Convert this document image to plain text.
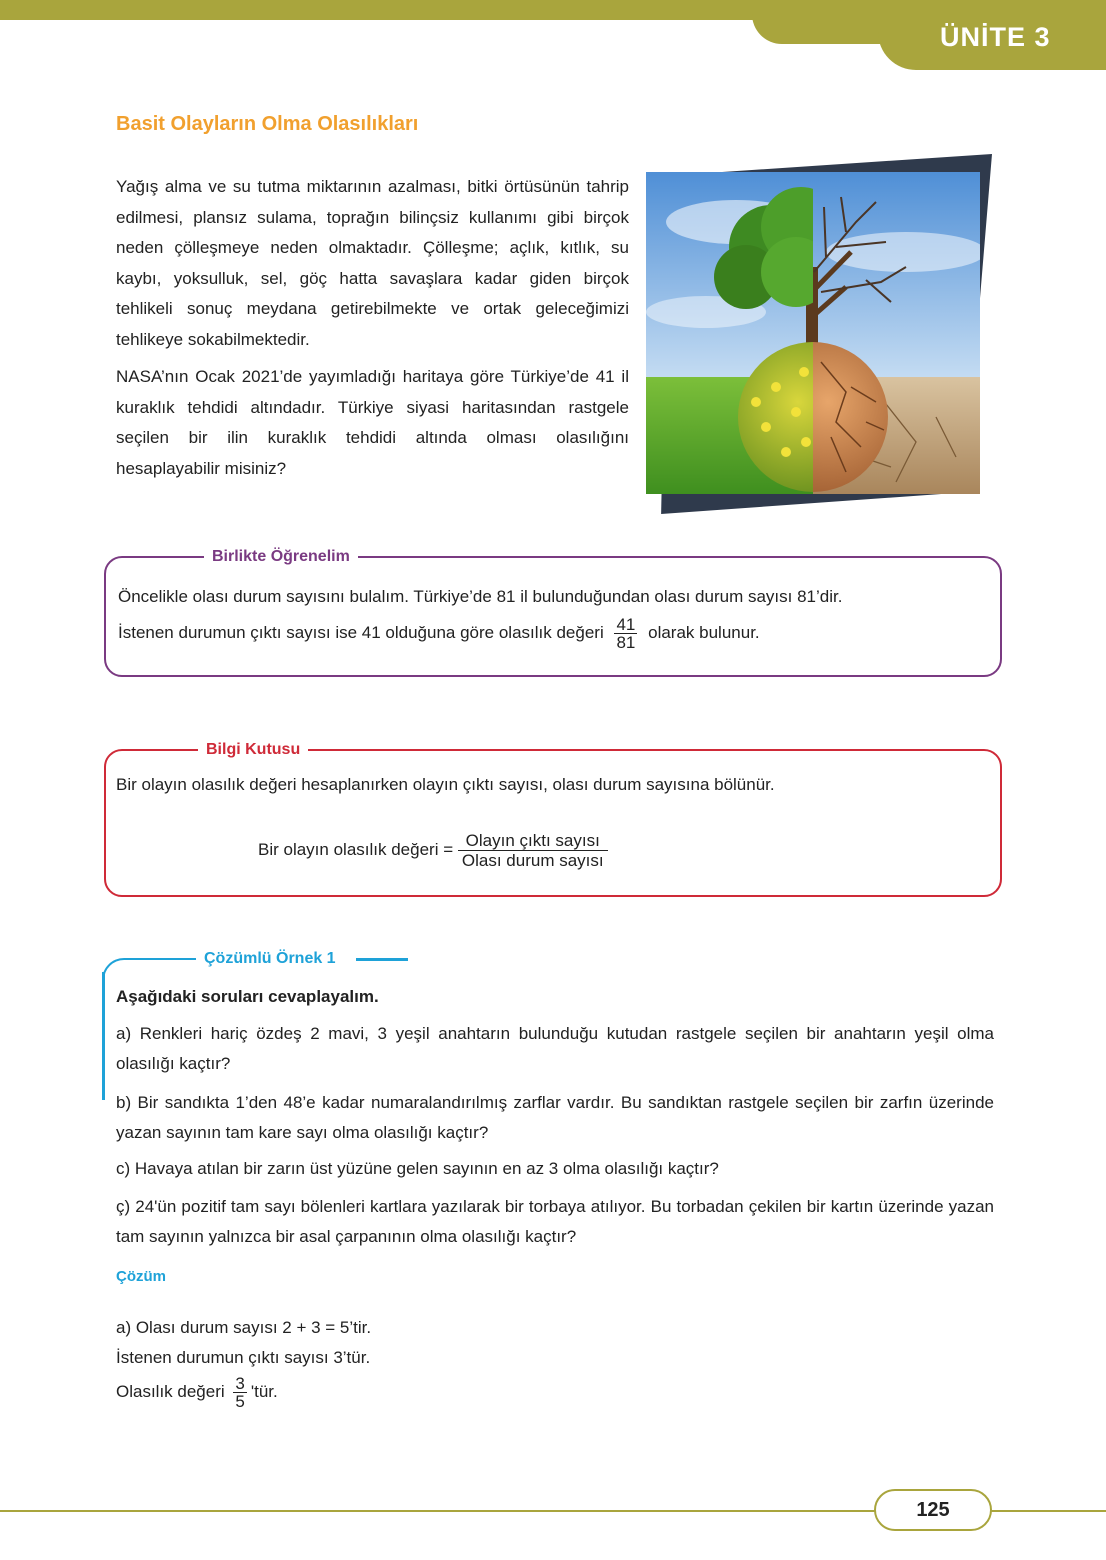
ÜNİTE 3
Basit Olayların Olma Olasılıkları
Yağış alma ve su tutma miktarının azalması, bitki örtüsünün tahrip edilmesi, plansız sulama, toprağın bilinçsiz kullanımı gibi birçok neden çölleşmeye neden olmaktadır. Çölleşme; açlık, kıtlık, su kaybı, yoksulluk, sel, göç hatta savaşlara kadar giden birçok tehlikeli sonuç meydana getirebilmekte ve ortak geleceğimizi tehlikeye sokabilmektedir.
NASA’nın Ocak 2021’de yayımladığı haritaya göre Türkiye’de 41 il kuraklık tehdidi altındadır. Türkiye siyasi haritasından rastgele seçilen bir ilin kuraklık tehdidi altında olması olasılığını hesaplayabilir misiniz?
Birlikte Öğrenelim
Öncelikle olası durum sayısını bulalım. Türkiye’de 81 il bulunduğundan olası durum sayısı 81’dir.
İstenen durumun çıktı sayısı ise 41 olduğuna göre olasılık değeri $\frac{41}{81}$ olarak bulunur.
Bilgi Kutusu
Bir olayın olasılık değeri hesaplanırken olayın çıktı sayısı, olası durum sayısına bölünür.
Bir olayın olasılık değeri = $\frac{\text{Olayın çıktı sayısı}}{\text{Olası durum sayısı}}$
Çözümlü Örnek 1
Aşağıdaki soruları cevaplayalım.
a) Renkleri hariç özdeş 2 mavi, 3 yeşil anahtarın bulunduğu kutudan rastgele seçilen bir anahtarın yeşil olma olasılığı kaçtır?
b) Bir sandıkta 1’den 48’e kadar numaralandırılmış zarflar vardır. Bu sandıktan rastgele seçilen bir zarfın üzerinde yazan sayının tam kare sayı olma olasılığı kaçtır?
c) Havaya atılan bir zarın üst yüzüne gelen sayının en az 3 olma olasılığı kaçtır?
ç) 24'ün pozitif tam sayı bölenleri kartlara yazılarak bir torbaya atılıyor. Bu torbadan çekilen bir kartın üzerinde yazan tam sayının yalnızca bir asal çarpanının olma olasılığı kaçtır?
Çözüm
a) Olası durum sayısı 2 + 3 = 5’tir.
İstenen durumun çıktı sayısı 3’tür.
Olasılık değeri $\frac{3}{5}$ 'tür.
125
